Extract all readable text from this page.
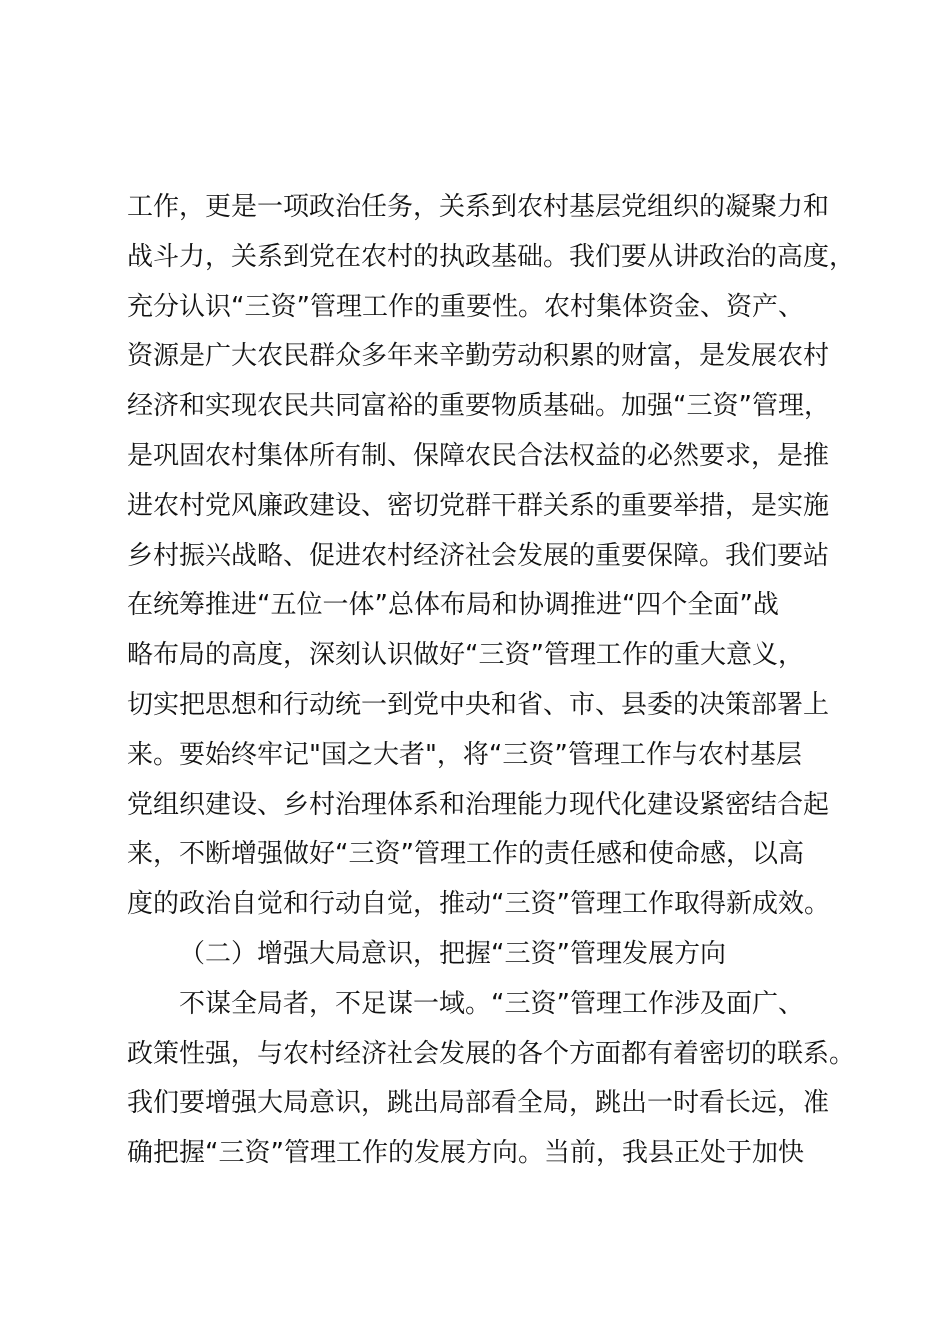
工作，更是一项政治任务，关系到农村基层党组织的凝聚力和
战斗力，关系到党在农村的执政基础。我们要从讲政治的高度，
充分认识“三资”管理工作的重要性。农村集体资金、资产、
资源是广大农民群众多年来辛勤劳动积累的财富，是发展农村
经济和实现农民共同富裕的重要物质基础。加强“三资”管理，
是巩固农村集体所有制、保障农民合法权益的必然要求，是推
进农村党风廉政建设、密切党群干群关系的重要举措，是实施
乡村振兴战略、促进农村经济社会发展的重要保障。我们要站
在统筹推进“五位一体”总体布局和协调推进“四个全面”战
略布局的高度，深刻认识做好“三资”管理工作的重大意义，
切实把思想和行动统一到党中央和省、市、县委的决策部署上
来。要始终牢记"国之大者"，将“三资”管理工作与农村基层
党组织建设、乡村治理体系和治理能力现代化建设紧密结合起
来，不断增强做好“三资”管理工作的责任感和使命感，以高
度的政治自觉和行动自觉，推动“三资”管理工作取得新成效。
（二）增强大局意识，把握“三资”管理发展方向
不谋全局者，不足谋一域。“三资”管理工作涉及面广、
政策性强，与农村经济社会发展的各个方面都有着密切的联系。
我们要增强大局意识，跳出局部看全局，跳出一时看长远，准
确把握“三资”管理工作的发展方向。当前，我县正处于加快
